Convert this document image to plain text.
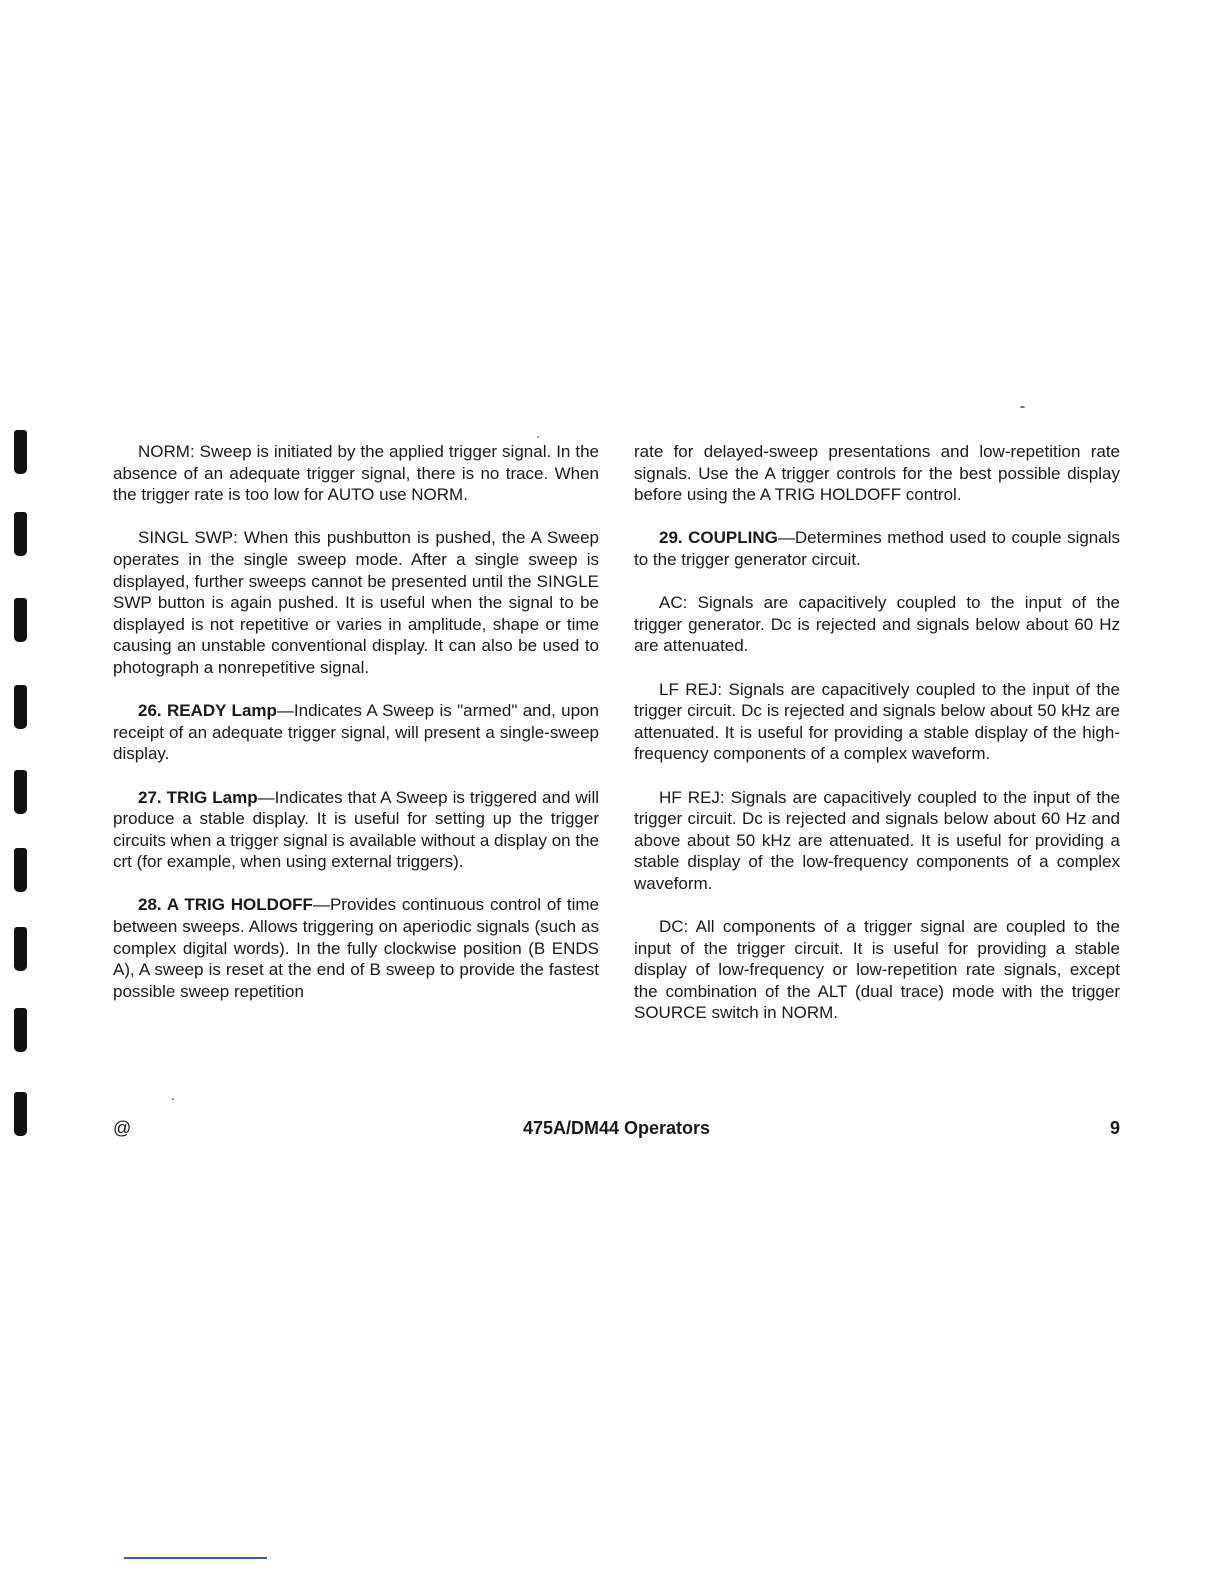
NORM: Sweep is initiated by the applied trigger signal. In the absence of an adequate trigger signal, there is no trace. When the trigger rate is too low for AUTO use NORM.

SINGL SWP: When this pushbutton is pushed, the A Sweep operates in the single sweep mode. After a single sweep is displayed, further sweeps cannot be presented until the SINGLE SWP button is again pushed. It is useful when the signal to be displayed is not repetitive or varies in amplitude, shape or time causing an unstable conventional display. It can also be used to photograph a nonrepetitive signal.

26. READY Lamp—Indicates A Sweep is "armed" and, upon receipt of an adequate trigger signal, will present a single-sweep display.

27. TRIG Lamp—Indicates that A Sweep is triggered and will produce a stable display. It is useful for setting up the trigger circuits when a trigger signal is available without a display on the crt (for example, when using external triggers).

28. A TRIG HOLDOFF—Provides continuous control of time between sweeps. Allows triggering on aperiodic signals (such as complex digital words). In the fully clockwise position (B ENDS A), A sweep is reset at the end of B sweep to provide the fastest possible sweep repetition

rate for delayed-sweep presentations and low-repetition rate signals. Use the A trigger controls for the best possible display before using the A TRIG HOLDOFF control.

29. COUPLING—Determines method used to couple signals to the trigger generator circuit.

AC: Signals are capacitively coupled to the input of the trigger generator. Dc is rejected and signals below about 60 Hz are attenuated.

LF REJ: Signals are capacitively coupled to the input of the trigger circuit. Dc is rejected and signals below about 50 kHz are attenuated. It is useful for providing a stable display of the high-frequency components of a complex waveform.

HF REJ: Signals are capacitively coupled to the input of the trigger circuit. Dc is rejected and signals below about 60 Hz and above about 50 kHz are attenuated. It is useful for providing a stable display of the low-frequency components of a complex waveform.

DC: All components of a trigger signal are coupled to the input of the trigger circuit. It is useful for providing a stable display of low-frequency or low-repetition rate signals, except the combination of the ALT (dual trace) mode with the trigger SOURCE switch in NORM.

@	475A/DM44 Operators	9
